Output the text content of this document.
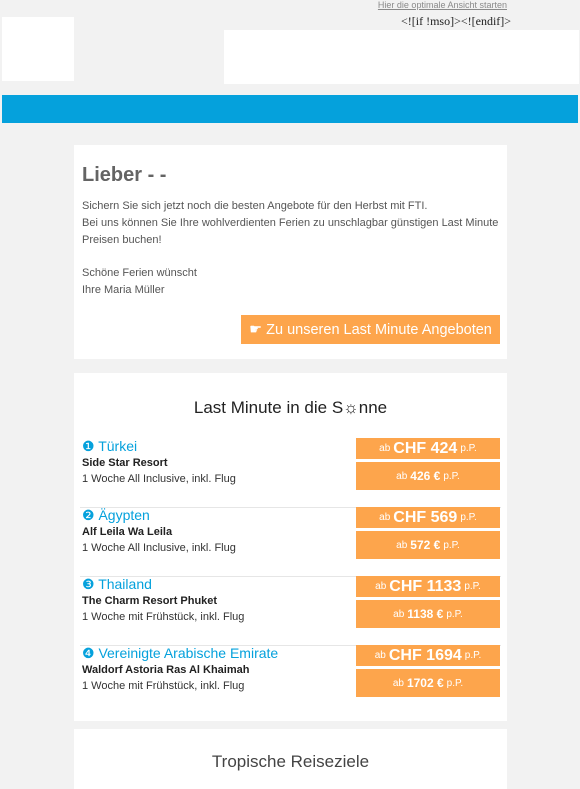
Hier die optimale Ansicht starten
<![if !mso]><![endif]>
Lieber - -

Sichern Sie sich jetzt noch die besten Angebote für den Herbst mit FTI.

Bei uns können Sie Ihre wohlverdienten Ferien zu unschlagbar günstigen Last Minute Preisen buchen!

Schöne Ferien wünscht
Ihre Maria Müller
☛ Zu unseren Last Minute Angeboten
Last Minute in die S☼nne
❶ Türkei
Side Star Resort
1 Woche All Inclusive, inkl. Flug
ab CHF 424 p.P.
ab 426 € p.P.
❷ Ägypten
Alf Leila Wa Leila
1 Woche All Inclusive, inkl. Flug
ab CHF 569 p.P.
ab 572 € p.P.
❸ Thailand
The Charm Resort Phuket
1 Woche mit Frühstück, inkl. Flug
ab CHF 1133 p.P.
ab 1138 € p.P.
❹ Vereinigte Arabische Emirate
Waldorf Astoria Ras Al Khaimah
1 Woche mit Frühstück, inkl. Flug
ab CHF 1694 p.P.
ab 1702 € p.P.
Tropische Reiseziele
